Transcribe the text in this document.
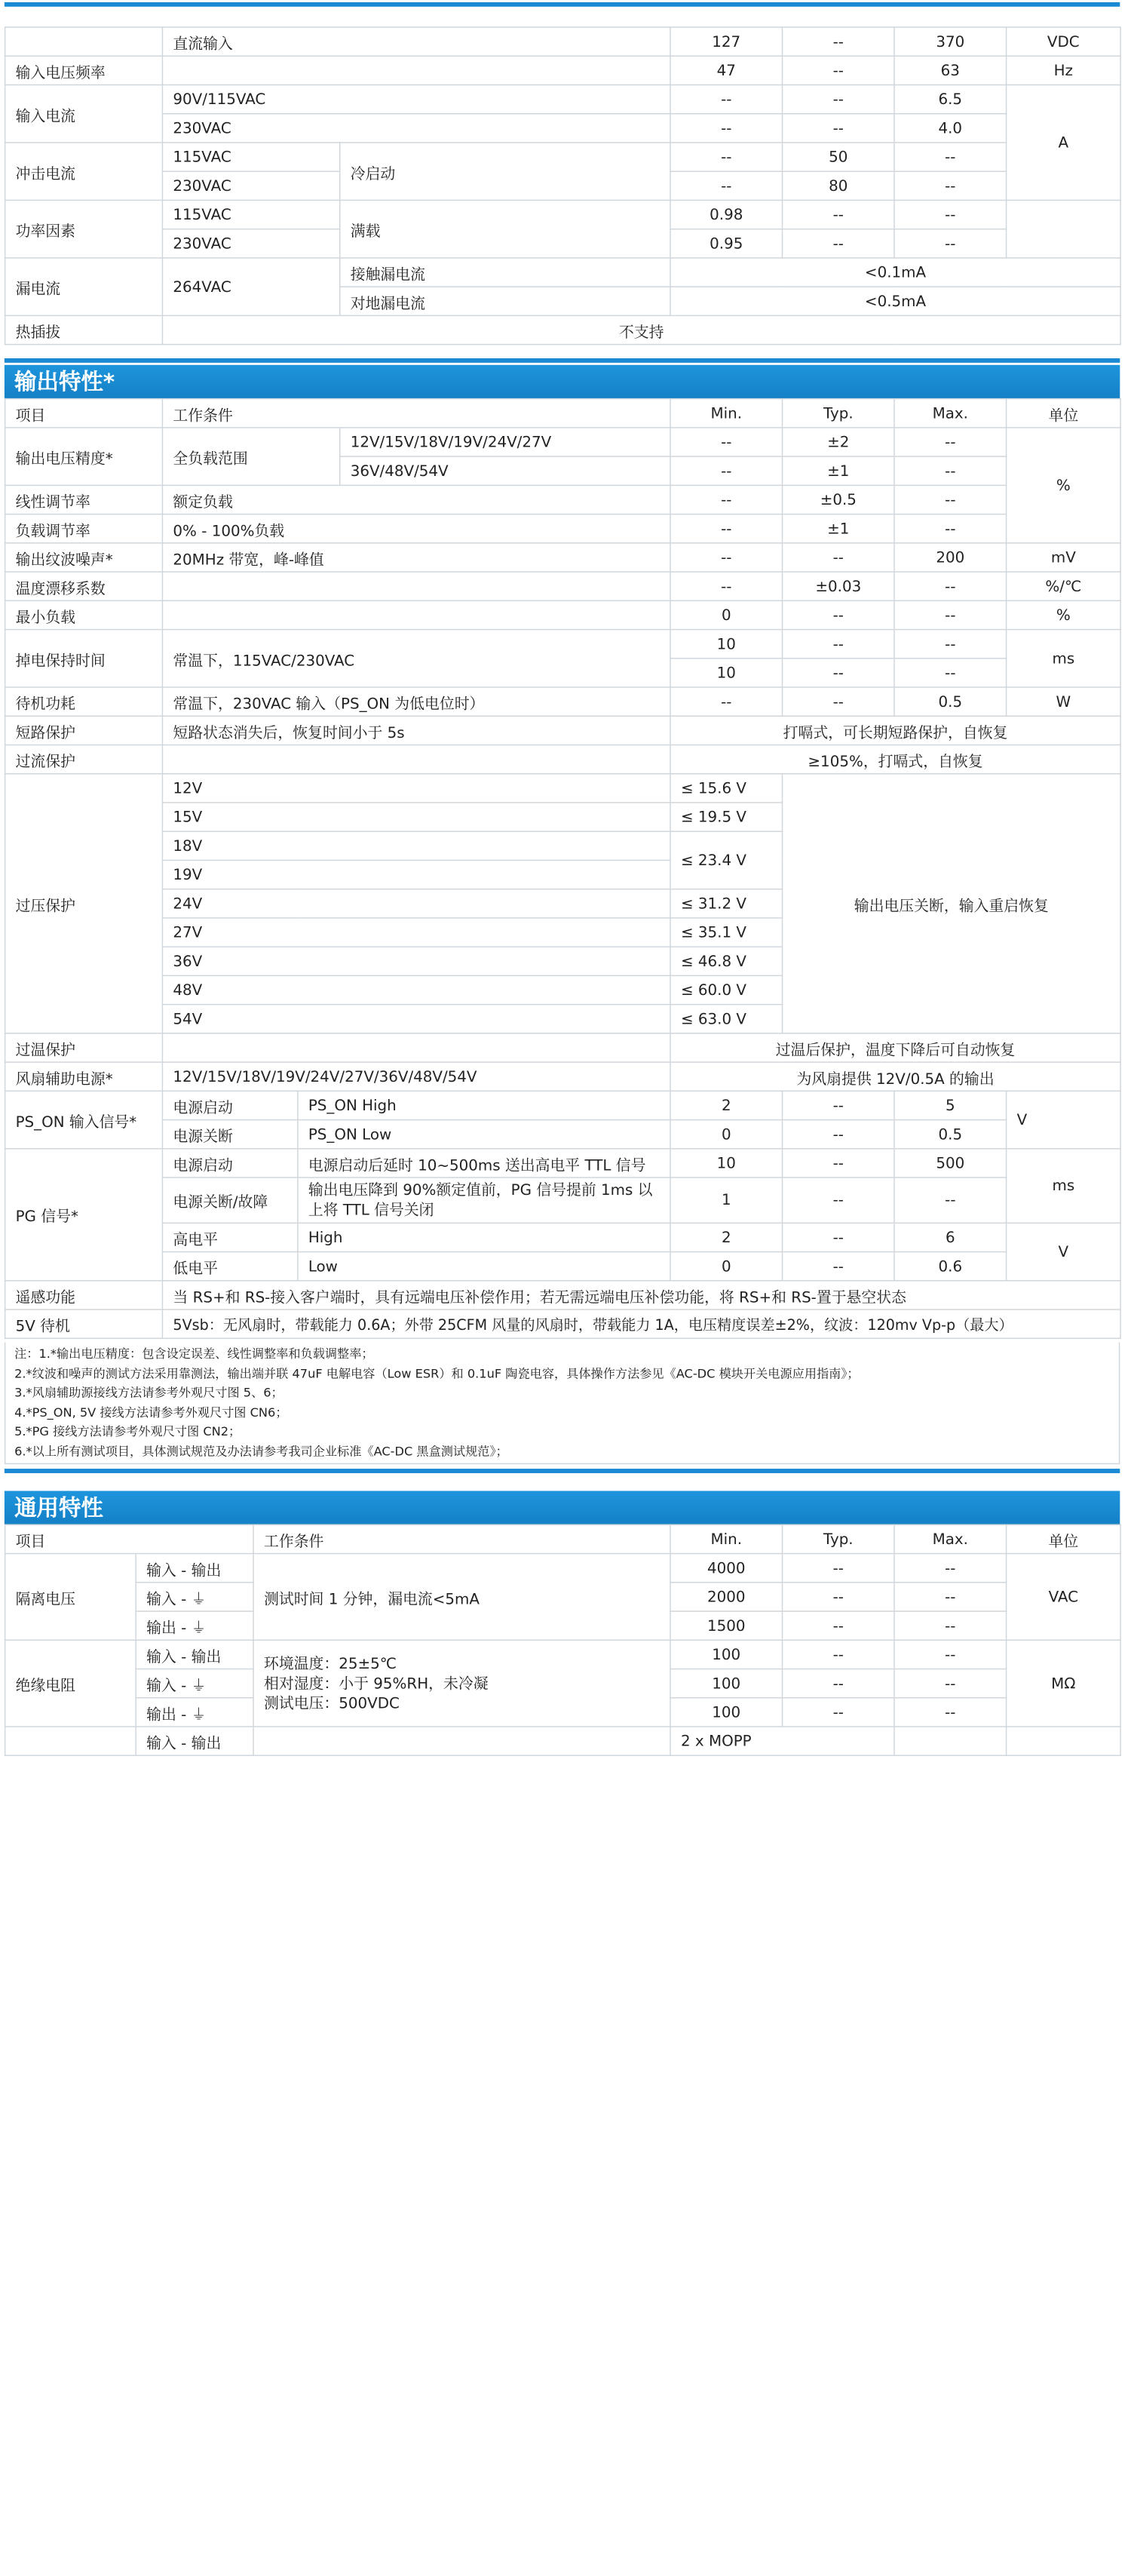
	直流输入		127	--	370	VDC
输入电压频率			47	--	63	Hz
输入电流	90V/115VAC		--	--	6.5	A
	230VAC		--	--	4.0	
冲击电流	115VAC	冷启动	--	50	--	
	230VAC		--	80	--	
功率因素	115VAC	满载	0.98	--	--	
	230VAC		0.95	--	--	
漏电流	264VAC	接触漏电流	<0.1mA			
		对地漏电流	<0.5mA			
热插拔	不支持					
输出特性*
项目	工作条件			Min.	Typ.	Max.	单位
输出电压精度*	全负载范围		12V/15V/18V/19V/24V/27V	--	±2	--	%
			36V/48V/54V	--	±1	--	
线性调节率	额定负载			--	±0.5	--	
负载调节率	0% - 100%负载			--	±1	--	
输出纹波噪声*	20MHz 带宽，峰-峰值			--	--	200	mV
温度漂移系数				--	±0.03	--	%/℃
最小负载				0	--	--	%
掉电保持时间	常温下，115VAC/230VAC			10	--	--	ms
				10	--	--	
待机功耗	常温下，230VAC 输入（PS_ON 为低电位时）			--	--	0.5	W
短路保护	短路状态消失后，恢复时间小于 5s			打嗝式，可长期短路保护，自恢复			
过流保护				≥105%，打嗝式，自恢复			
过压保护	12V			≤ 15.6 V	输出电压关断，输入重启恢复		
	15V			≤ 19.5 V			
	18V			≤ 23.4 V			
	19V						
	24V			≤ 31.2 V			
	27V			≤ 35.1 V			
	36V			≤ 46.8 V			
	48V			≤ 60.0 V			
	54V			≤ 63.0 V			
过温保护				过温后保护，温度下降后可自动恢复			
风扇辅助电源*	12V/15V/18V/19V/24V/27V/36V/48V/54V			为风扇提供 12V/0.5A 的输出			
PS_ON 输入信号*	电源启动	PS_ON High		2	--	5	V
	电源关断	PS_ON Low		0	--	0.5	
PG 信号*	电源启动	电源启动后延时 10~500ms 送出高电平 TTL 信号		10	--	500	ms
	电源关断/故障	输出电压降到 90%额定值前，PG 信号提前 1ms 以上将 TTL 信号关闭		1	--	--	
	高电平	High		2	--	6	V
	低电平	Low		0	--	0.6	
遥感功能	当 RS+和 RS-接入客户端时，具有远端电压补偿作用；若无需远端电压补偿功能，将 RS+和 RS-置于悬空状态						
5V 待机	5Vsb：无风扇时，带载能力 0.6A；外带 25CFM 风量的风扇时，带载能力 1A，电压精度误差±2%，纹波：120mv Vp-p（最大）						
注：1.*输出电压精度：包含设定误差、线性调整率和负载调整率；
2.*纹波和噪声的测试方法采用靠测法，输出端并联 47uF 电解电容（Low ESR）和 0.1uF 陶瓷电容，具体操作方法参见《AC-DC 模块开关电源应用指南》；
3.*风扇辅助源接线方法请参考外观尺寸图 5、6；
4.*PS_ON, 5V 接线方法请参考外观尺寸图 CN6；
5.*PG 接线方法请参考外观尺寸图 CN2；
6.*以上所有测试项目，具体测试规范及办法请参考我司企业标准《AC-DC 黑盒测试规范》；
通用特性
项目		工作条件	Min.	Typ.	Max.	单位
隔离电压	输入 - 输出	测试时间 1 分钟，漏电流<5mA	4000	--	--	VAC
	输入 - ⏚		2000	--	--	
	输出 - ⏚		1500	--	--	
绝缘电阻	输入 - 输出	环境温度：25±5℃
相对湿度：小于 95%RH，未冷凝
测试电压：500VDC	100	--	--	MΩ
	输入 - ⏚		100	--	--	
	输出 - ⏚		100	--	--	
	输入 - 输出		2 x MOPP			
